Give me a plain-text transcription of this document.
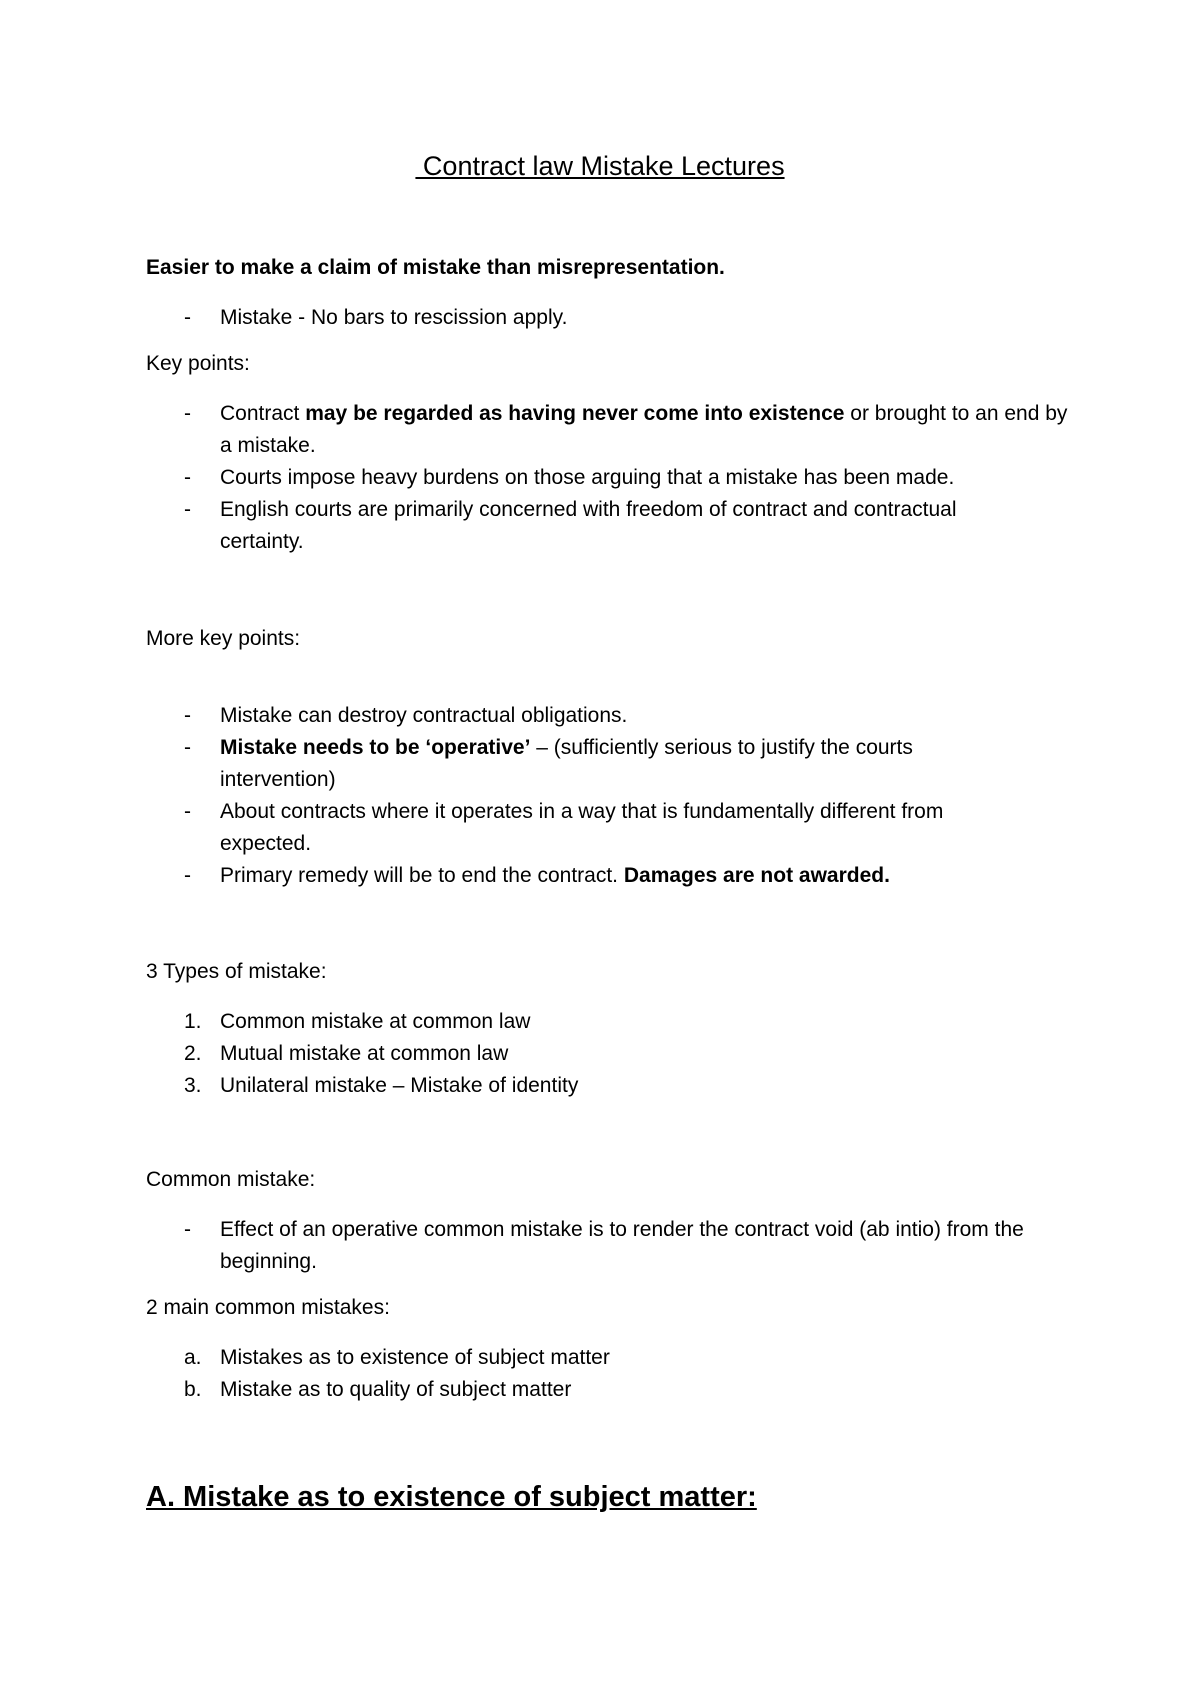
Contract law Mistake Lectures
Easier to make a claim of mistake than misrepresentation.
-	Mistake - No bars to rescission apply.
Key points:
-	Contract may be regarded as having never come into existence or brought to an end by a mistake.
-	Courts impose heavy burdens on those arguing that a mistake has been made.
-	English courts are primarily concerned with freedom of contract and contractual certainty.
More key points:
-	Mistake can destroy contractual obligations.
-	Mistake needs to be ‘operative’ – (sufficiently serious to justify the courts intervention)
-	About contracts where it operates in a way that is fundamentally different from expected.
-	Primary remedy will be to end the contract. Damages are not awarded.
3 Types of mistake:
1. Common mistake at common law
2. Mutual mistake at common law
3. Unilateral mistake – Mistake of identity
Common mistake:
-	Effect of an operative common mistake is to render the contract void (ab intio) from the beginning.
2 main common mistakes:
a. Mistakes as to existence of subject matter
b. Mistake as to quality of subject matter
A. Mistake as to existence of subject matter:
